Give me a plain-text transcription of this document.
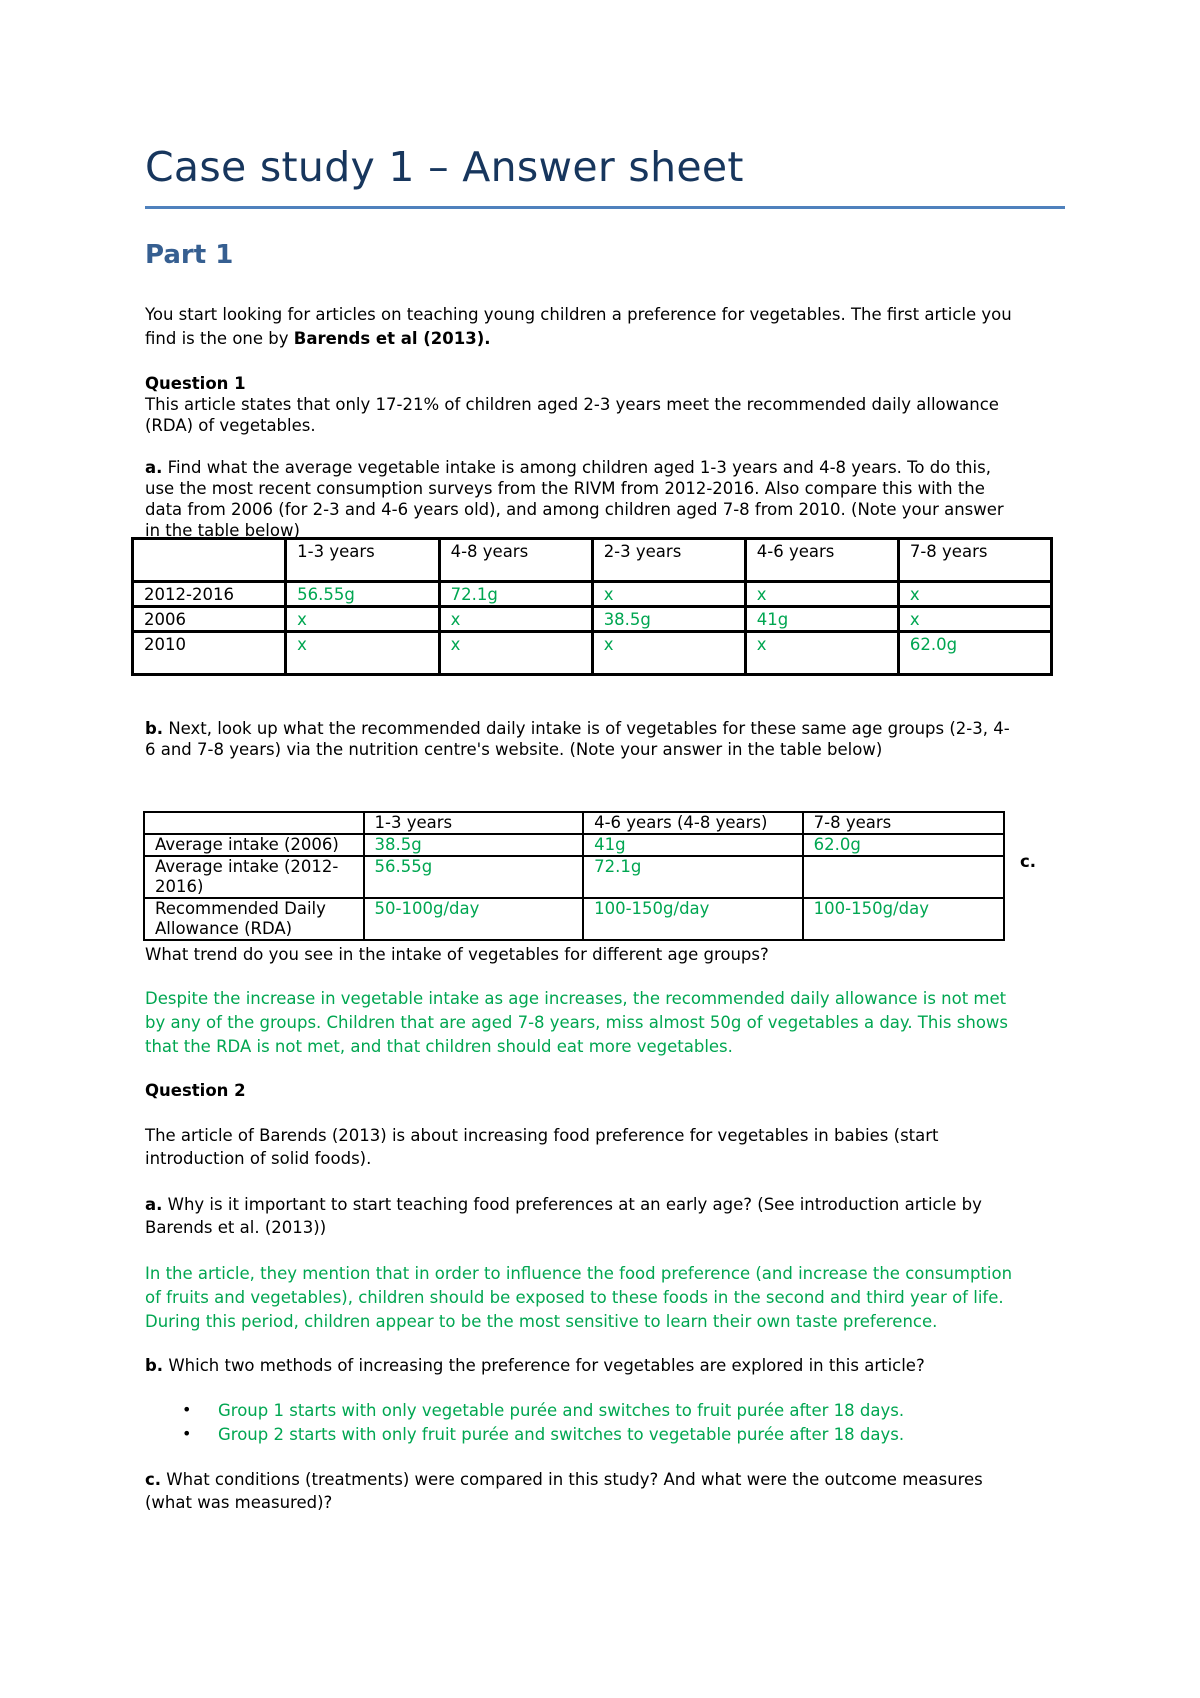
Case study 1 – Answer sheet
Part 1
You start looking for articles on teaching young children a preference for vegetables. The first article you
find is the one by Barends et al (2013).
Question 1
This article states that only 17-21% of children aged 2-3 years meet the recommended daily allowance
(RDA) of vegetables.
a. Find what the average vegetable intake is among children aged 1-3 years and 4-8 years. To do this,
use the most recent consumption surveys from the RIVM from 2012-2016. Also compare this with the
data from 2006 (for 2-3 and 4-6 years old), and among children aged 7-8 from 2010. (Note your answer
in the table below)
	1-3 years	4-8 years	2-3 years	4-6 years	7-8 years
2012-2016	56.55g	72.1g	x	x	x
2006	x	x	38.5g	41g	x
2010	x	x	x	x	62.0g
b. Next, look up what the recommended daily intake is of vegetables for these same age groups (2-3, 4-
6 and 7-8 years) via the nutrition centre's website. (Note your answer in the table below)
	1-3 years	4-6 years (4-8 years)	7-8 years
Average intake (2006)	38.5g	41g	62.0g
Average intake (2012-2016)	56.55g	72.1g	
Recommended Daily Allowance (RDA)	50-100g/day	100-150g/day	100-150g/day
c.
What trend do you see in the intake of vegetables for different age groups?
Despite the increase in vegetable intake as age increases, the recommended daily allowance is not met
by any of the groups. Children that are aged 7-8 years, miss almost 50g of vegetables a day. This shows
that the RDA is not met, and that children should eat more vegetables.
Question 2
The article of Barends (2013) is about increasing food preference for vegetables in babies (start
introduction of solid foods).
a. Why is it important to start teaching food preferences at an early age? (See introduction article by
Barends et al. (2013))
In the article, they mention that in order to influence the food preference (and increase the consumption
of fruits and vegetables), children should be exposed to these foods in the second and third year of life.
During this period, children appear to be the most sensitive to learn their own taste preference.
b. Which two methods of increasing the preference for vegetables are explored in this article?
• Group 1 starts with only vegetable purée and switches to fruit purée after 18 days.
• Group 2 starts with only fruit purée and switches to vegetable purée after 18 days.
c. What conditions (treatments) were compared in this study? And what were the outcome measures
(what was measured)?
